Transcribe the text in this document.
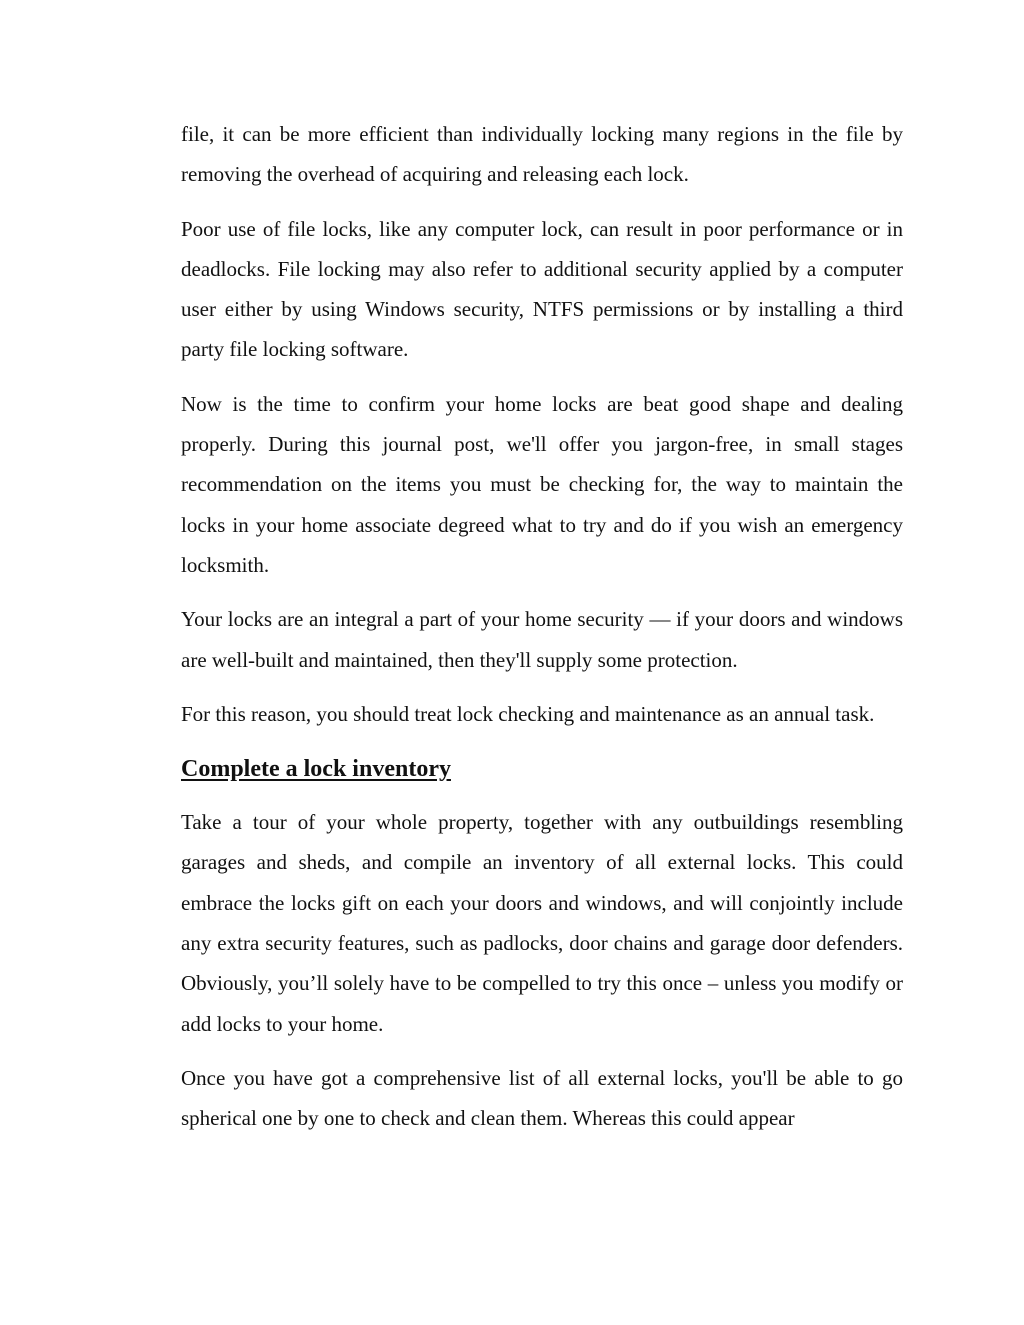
file, it can be more efficient than individually locking many regions in the file by removing the overhead of acquiring and releasing each lock.

Poor use of file locks, like any computer lock, can result in poor performance or in deadlocks. File locking may also refer to additional security applied by a computer user either by using Windows security, NTFS permissions or by installing a third party file locking software.

Now is the time to confirm your home locks are beat good shape and dealing properly. During this journal post, we'll offer you jargon-free, in small stages recommendation on the items you must be checking for, the way to maintain the locks in your home associate degreed what to try and do if you wish an emergency locksmith.

Your locks are an integral a part of your home security — if your doors and windows are well-built and maintained, then they'll supply some protection.

For this reason, you should treat lock checking and maintenance as an annual task.

Complete a lock inventory

Take a tour of your whole property, together with any outbuildings resembling garages and sheds, and compile an inventory of all external locks. This could embrace the locks gift on each your doors and windows, and will conjointly include any extra security features, such as padlocks, door chains and garage door defenders. Obviously, you’ll solely have to be compelled to try this once – unless you modify or add locks to your home.

Once you have got a comprehensive list of all external locks, you'll be able to go spherical one by one to check and clean them. Whereas this could appear
